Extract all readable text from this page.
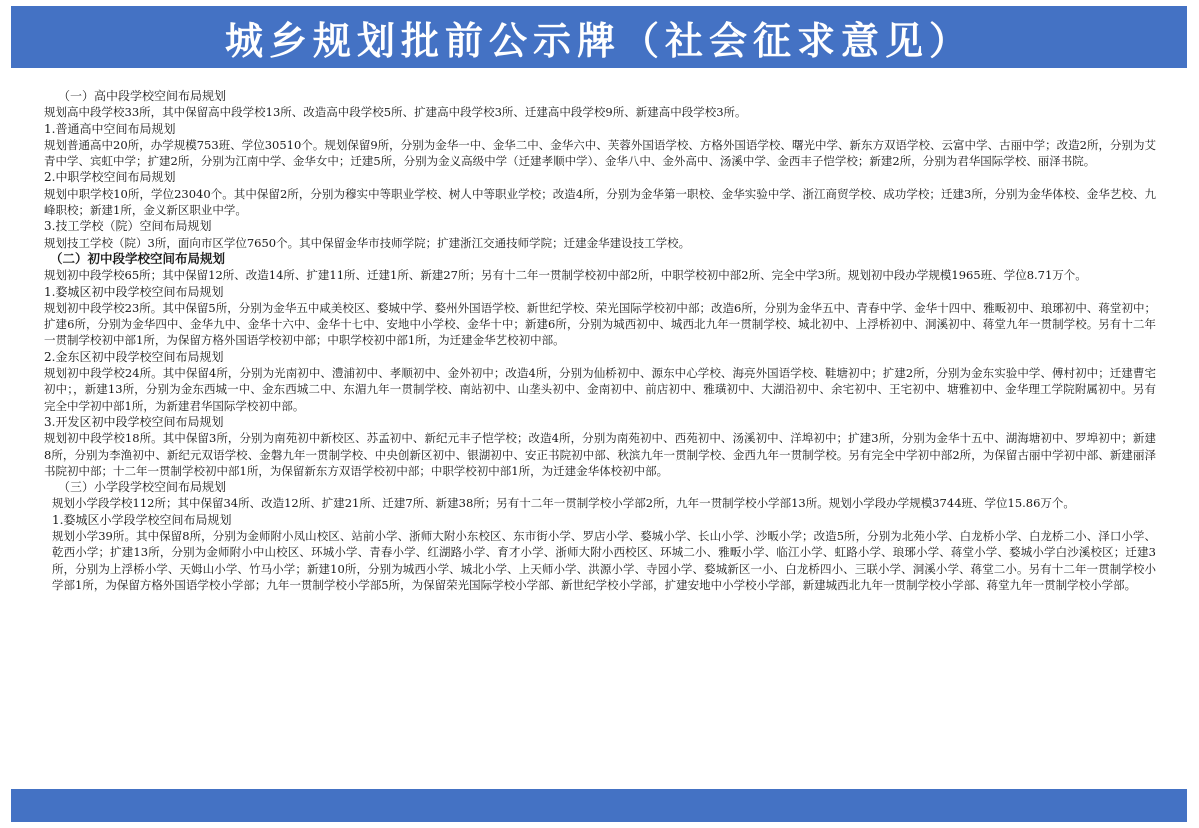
城乡规划批前公示牌（社会征求意见）

（一）高中段学校空间布局规划

规划高中段学校33所，其中保留高中段学校13所、改造高中段学校5所、扩建高中段学校3所、迁建高中段学校9所、新建高中段学校3所。

1.普通高中空间布局规划

规划普通高中20所，办学规模753班、学位30510个。规划保留9所，分别为金华一中、金华二中、金华六中、芙蓉外国语学校、方格外国语学校、曙光中学、新东方双语学校、云富中学、古丽中学；改造2所，分别为艾青中学、宾虹中学；扩建2所，分别为江南中学、金华女中；迁建5所，分别为金义高级中学（迁建孝顺中学）、金华八中、金外高中、汤溪中学、金西丰子恺学校；新建2所，分别为君华国际学校、丽泽书院。

2.中职学校空间布局规划

规划中职学校10所，学位23040个。其中保留2所，分别为穆实中等职业学校、树人中等职业学校；改造4所，分别为金华第一职校、金华实验中学、浙江商贸学校、成功学校；迁建3所，分别为金华体校、金华艺校、九峰职校；新建1所，金义新区职业中学。

3.技工学校（院）空间布局规划

规划技工学校（院）3所，面向市区学位7650个。其中保留金华市技师学院；扩建浙江交通技师学院；迁建金华建设技工学校。

（二）初中段学校空间布局规划

规划初中段学校65所；其中保留12所、改造14所、扩建11所、迁建1所、新建27所；另有十二年一贯制学校初中部2所，中职学校初中部2所、完全中学3所。规划初中段办学规模1965班、学位8.71万个。

1.婺城区初中段学校空间布局规划

规划初中段学校23所。其中保留5所，分别为金华五中咸美校区、婺城中学、婺州外国语学校、新世纪学校、荣光国际学校初中部；改造6所，分别为金华五中、青春中学、金华十四中、雅畈初中、琅琊初中、蒋堂初中；扩建6所，分别为金华四中、金华九中、金华十六中、金华十七中、安地中小学校、金华十中；新建6所，分别为城西初中、城西北九年一贯制学校、城北初中、上浮桥初中、洞溪初中、蒋堂九年一贯制学校。另有十二年一贯制学校初中部1所，为保留方格外国语学校初中部；中职学校初中部1所，为迁建金华艺校初中部。

2.金东区初中段学校空间布局规划

规划初中段学校24所。其中保留4所，分别为光南初中、澧浦初中、孝顺初中、金外初中；改造4所，分别为仙桥初中、源东中心学校、海亮外国语学校、鞋塘初中；扩建2所，分别为金东实验中学、傅村初中；迁建曹宅初中；，新建13所，分别为金东西城一中、金东西城二中、东湄九年一贯制学校、南站初中、山垄头初中、金南初中、前店初中、雅璜初中、大湖沿初中、余宅初中、王宅初中、塘雅初中、金华理工学院附属初中。另有完全中学初中部1所，为新建君华国际学校初中部。

3.开发区初中段学校空间布局规划

规划初中段学校18所。其中保留3所，分别为南苑初中新校区、苏孟初中、新纪元丰子恺学校；改造4所，分别为南苑初中、西苑初中、汤溪初中、洋埠初中；扩建3所，分别为金华十五中、湖海塘初中、罗埠初中；新建8所，分别为李渔初中、新纪元双语学校、金磐九年一贯制学校、中央创新区初中、银湖初中、安正书院初中部、秋滨九年一贯制学校、金西九年一贯制学校。另有完全中学初中部2所，为保留古丽中学初中部、新建丽泽书院初中部；十二年一贯制学校初中部1所，为保留新东方双语学校初中部；中职学校初中部1所，为迁建金华体校初中部。

（三）小学段学校空间布局规划

规划小学段学校112所；其中保留34所、改造12所、扩建21所、迁建7所、新建38所；另有十二年一贯制学校小学部2所，九年一贯制学校小学部13所。规划小学段办学规模3744班、学位15.86万个。

1.婺城区小学段学校空间布局规划

规划小学39所。其中保留8所，分别为金师附小凤山校区、站前小学、浙师大附小东校区、东市街小学、罗店小学、婺城小学、长山小学、沙畈小学；改造5所，分别为北苑小学、白龙桥小学、白龙桥二小、泽口小学、乾西小学；扩建13所，分别为金师附小中山校区、环城小学、青春小学、红湖路小学、育才小学、浙师大附小西校区、环城二小、雅畈小学、临江小学、虹路小学、琅琊小学、蒋堂小学、婺城小学白沙溪校区；迁建3所，分别为上浮桥小学、天姆山小学、竹马小学；新建10所，分别为城西小学、城北小学、上天师小学、洪源小学、寺园小学、婺城新区一小、白龙桥四小、三联小学、洞溪小学、蒋堂二小。另有十二年一贯制学校小学部1所，为保留方格外国语学校小学部；九年一贯制学校小学部5所，为保留荣光国际学校小学部、新世纪学校小学部，扩建安地中小学校小学部，新建城西北九年一贯制学校小学部、蒋堂九年一贯制学校小学部。
